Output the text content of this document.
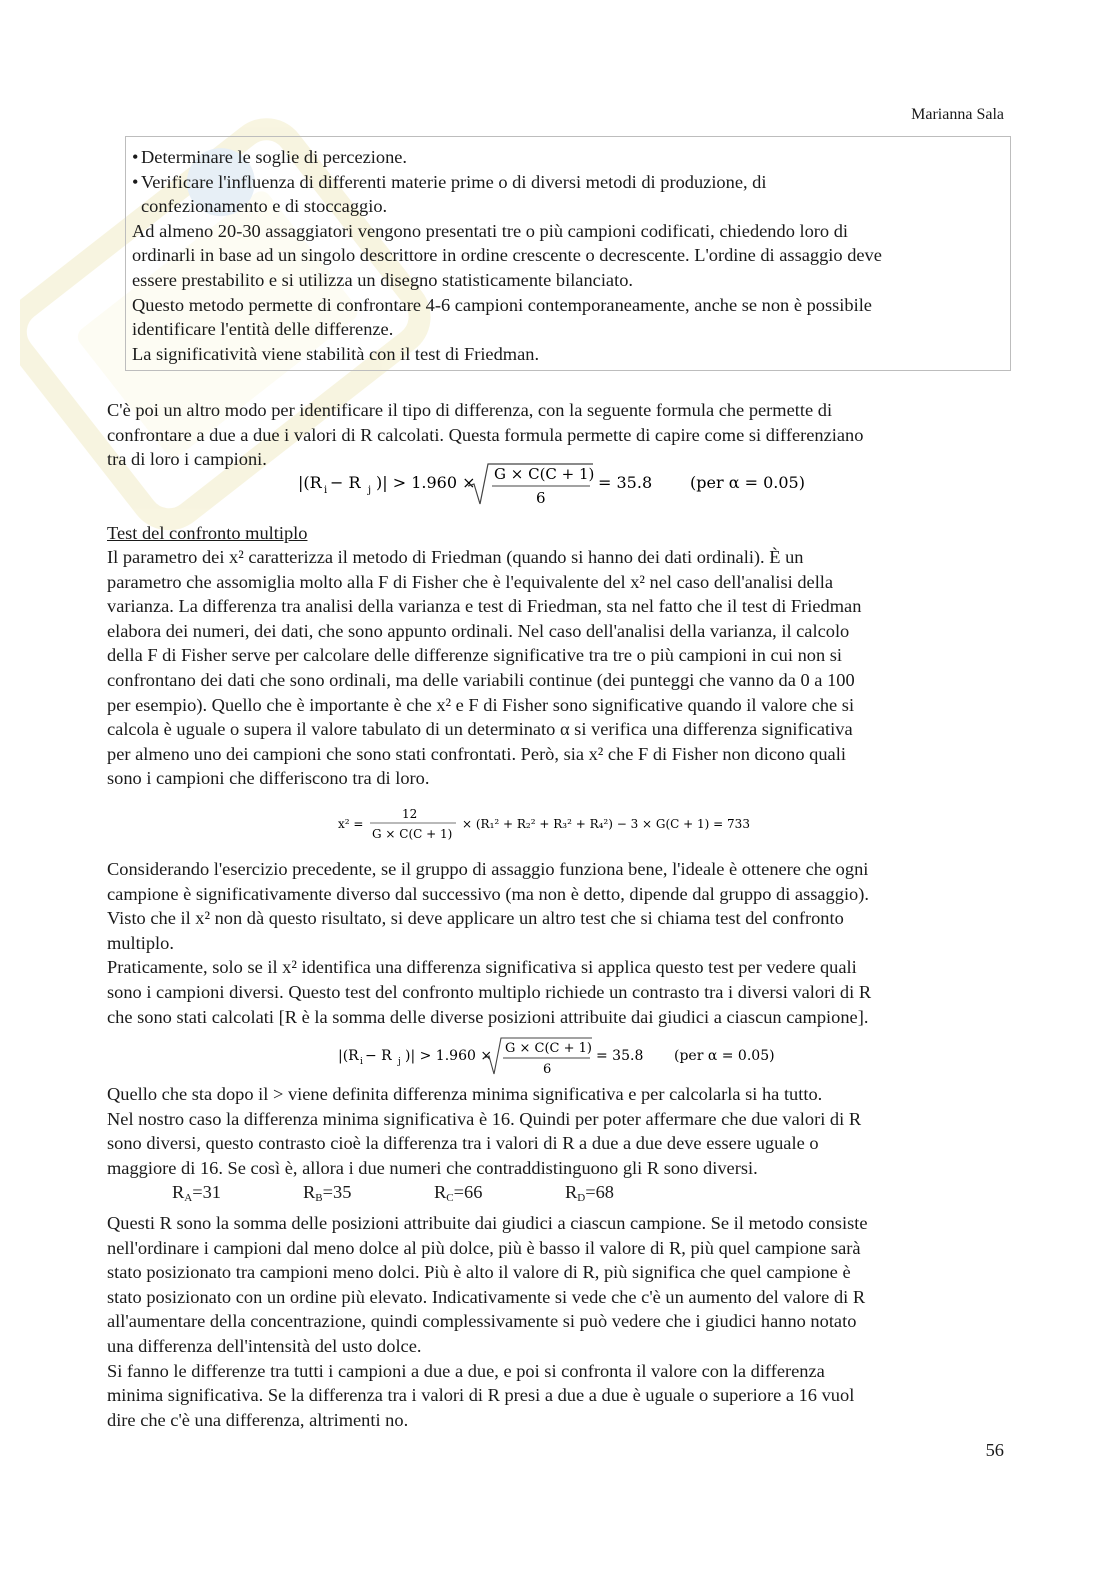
Marianna Sala

• Determinare le soglie di percezione.

• Verificare l'influenza di differenti materie prime o di diversi metodi di produzione, di

confezionamento e di stoccaggio.

Ad almeno 20-30 assaggiatori vengono presentati tre o più campioni codificati, chiedendo loro di

ordinarli in base ad un singolo descrittore in ordine crescente o decrescente. L'ordine di assaggio deve

essere prestabilito e si utilizza un disegno statisticamente bilanciato.

Questo metodo permette di confrontare 4-6 campioni contemporaneamente, anche se non è possibile

identificare l'entità delle differenze.

La significatività viene stabilità con il test di Friedman.

C'è poi un altro modo per identificare il tipo di differenza, con la seguente formula che permette di

confrontare a due a due i valori di R calcolati. Questa formula permette di capire come si differenziano

tra di loro i campioni.

|(R i − R j )| > 1.960 × G × C(C + 1)
6
= 35.8 (per α = 0.05)

Test del confronto multiplo

Il parametro dei x² caratterizza il metodo di Friedman (quando si hanno dei dati ordinali). È un

parametro che assomiglia molto alla F di Fisher che è l'equivalente del x² nel caso dell'analisi della

varianza. La differenza tra analisi della varianza e test di Friedman, sta nel fatto che il test di Friedman

elabora dei numeri, dei dati, che sono appunto ordinali. Nel caso dell'analisi della varianza, il calcolo

della F di Fisher serve per calcolare delle differenze significative tra tre o più campioni in cui non si

confrontano dei dati che sono ordinali, ma delle variabili continue (dei punteggi che vanno da 0 a 100

per esempio). Quello che è importante è che x² e F di Fisher sono significative quando il valore che si

calcola è uguale o supera il valore tabulato di un determinato α si verifica una differenza significativa

per almeno uno dei campioni che sono stati confrontati. Però, sia x² che F di Fisher non dicono quali

sono i campioni che differiscono tra di loro.

x² =
12
G × C(C + 1)
× (R₁² + R₂² + R₃² + R₄²) − 3 × G(C + 1) = 733

Considerando l'esercizio precedente, se il gruppo di assaggio funziona bene, l'ideale è ottenere che ogni

campione è significativamente diverso dal successivo (ma non è detto, dipende dal gruppo di assaggio).

Visto che il x² non dà questo risultato, si deve applicare un altro test che si chiama test del confronto

multiplo.

Praticamente, solo se il x² identifica una differenza significativa si applica questo test per vedere quali

sono i campioni diversi. Questo test del confronto multiplo richiede un contrasto tra i diversi valori di R

che sono stati calcolati [R è la somma delle diverse posizioni attribuite dai giudici a ciascun campione].

|(R i − R j )| > 1.960 × G × C(C + 1)
6
= 35.8 (per α = 0.05)

Quello che sta dopo il > viene definita differenza minima significativa e per calcolarla si ha tutto.

Nel nostro caso la differenza minima significativa è 16. Quindi per poter affermare che due valori di R

sono diversi, questo contrasto cioè la differenza tra i valori di R a due a due deve essere uguale o

maggiore di 16. Se così è, allora i due numeri che contraddistinguono gli R sono diversi.

$R_A=31$	$R_B=35$	$R_C=66$	$R_D=68$

Questi R sono la somma delle posizioni attribuite dai giudici a ciascun campione. Se il metodo consiste

nell'ordinare i campioni dal meno dolce al più dolce, più è basso il valore di R, più quel campione sarà

stato posizionato tra campioni meno dolci. Più è alto il valore di R, più significa che quel campione è

stato posizionato con un ordine più elevato. Indicativamente si vede che c'è un aumento del valore di R

all'aumentare della concentrazione, quindi complessivamente si può vedere che i giudici hanno notato

una differenza dell'intensità del usto dolce.

Si fanno le differenze tra tutti i campioni a due a due, e poi si confronta il valore con la differenza

minima significativa. Se la differenza tra i valori di R presi a due a due è uguale o superiore a 16 vuol

dire che c'è una differenza, altrimenti no.

56
